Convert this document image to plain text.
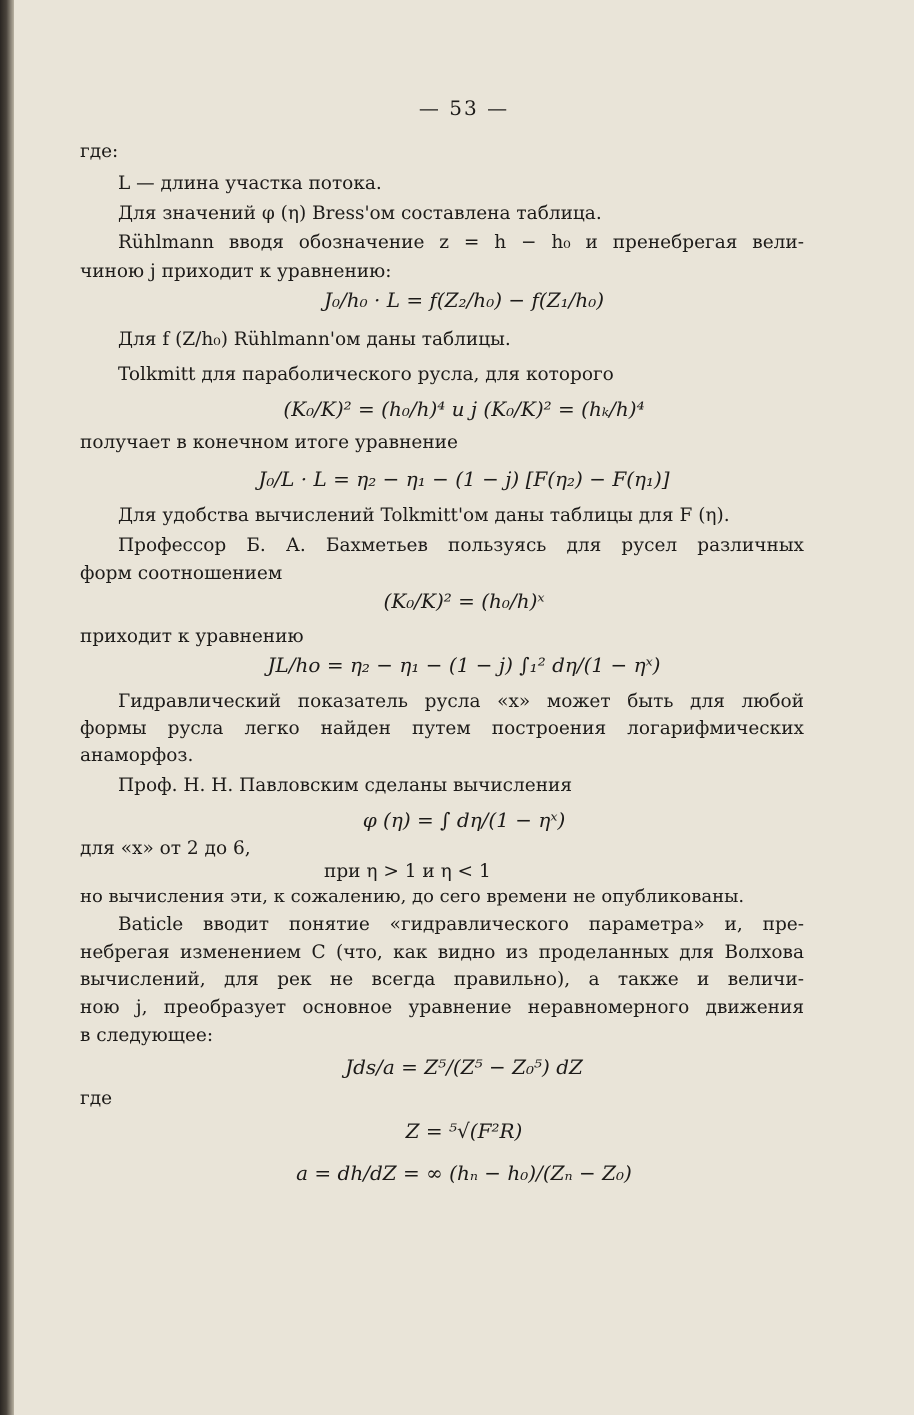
— 53 —
где:
L — длина участка потока.
Для значений φ (η) Bress'ом составлена таблица.
Rühlmann вводя обозначение z = h − h₀ и пренебрегая вели-
чиною j приходит к уравнению:
J₀/h₀ · L = f(Z₂/h₀) − f(Z₁/h₀)
Для f (Z/h₀) Rühlmann'ом даны таблицы.
Tolkmitt для параболического русла, для которого
(K₀/K)² = (h₀/h)⁴ и j (K₀/K)² = (hₖ/h)⁴
получает в конечном итоге уравнение
J₀/L · L = η₂ − η₁ − (1 − j) [F(η₂) − F(η₁)]
Для удобства вычислений Tolkmitt'ом даны таблицы для F (η).
Профессор Б. А. Бахметьев пользуясь для русел различных
форм соотношением
(K₀/K)² = (h₀/h)ˣ
приходит к уравнению
JL/ho = η₂ − η₁ − (1 − j) ∫₁² dη/(1 − ηˣ)
Гидравлический показатель русла «x» может быть для любой
формы русла легко найден путем построения логарифмических
анаморфоз.
Проф. Н. Н. Павловским сделаны вычисления
φ (η) = ∫ dη/(1 − ηˣ)
для «x» от 2 до 6,
при η > 1 и η < 1
но вычисления эти, к сожалению, до сего времени не опубликованы.
Baticle вводит понятие «гидравлического параметра» и, пре-
небрегая изменением C (что, как видно из проделанных для Волхова
вычислений, для рек не всегда правильно), а также и величи-
ною j, преобразует основное уравнение неравномерного движения
в следующее:
Jds/a = Z⁵/(Z⁵ − Z₀⁵) dZ
где
Z = ⁵√(F²R)
a = dh/dZ = ∞ (hₙ − h₀)/(Zₙ − Z₀)
